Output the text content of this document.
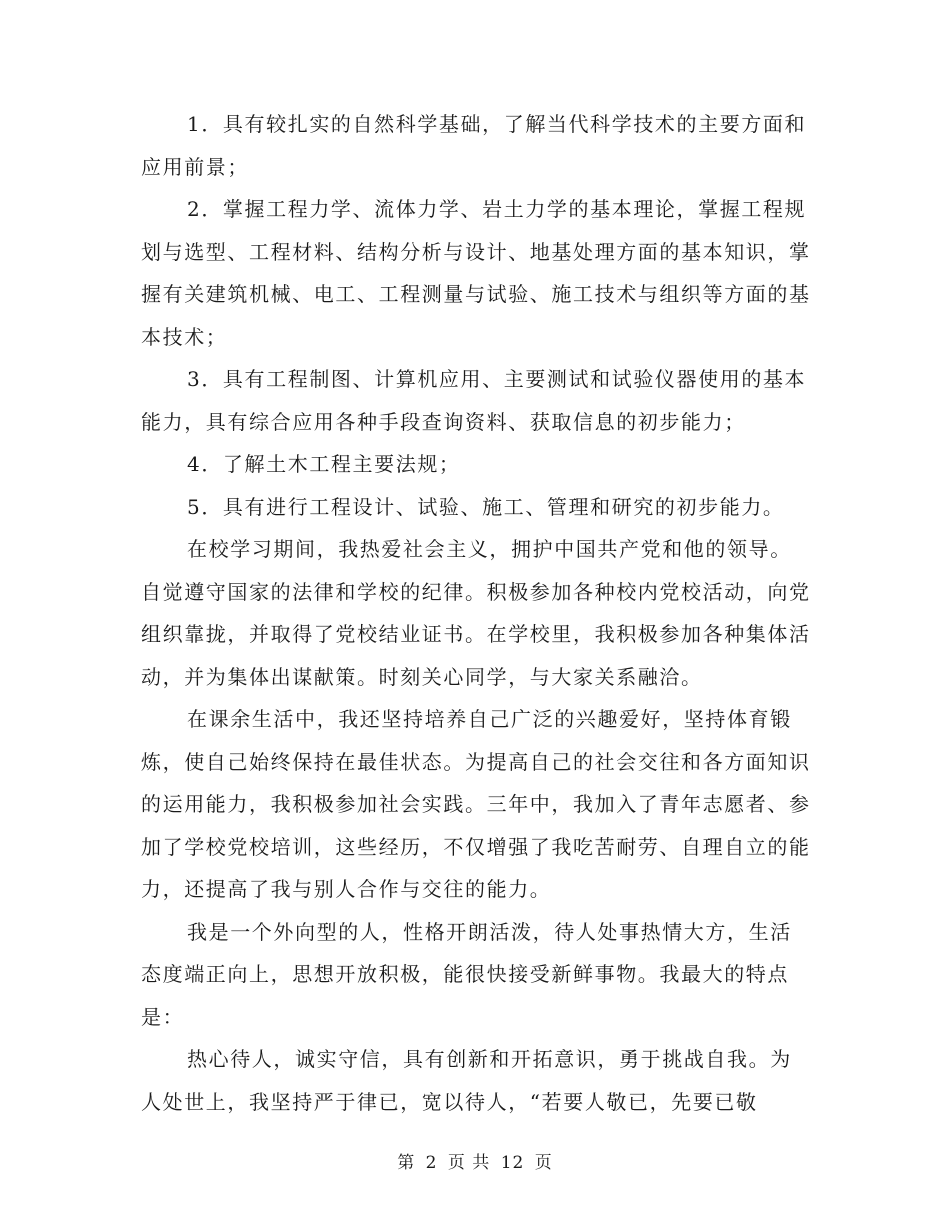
1．具有较扎实的自然科学基础，了解当代科学技术的主要方面和应用前景；

2．掌握工程力学、流体力学、岩土力学的基本理论，掌握工程规划与选型、工程材料、结构分析与设计、地基处理方面的基本知识，掌握有关建筑机械、电工、工程测量与试验、施工技术与组织等方面的基本技术；

3．具有工程制图、计算机应用、主要测试和试验仪器使用的基本能力，具有综合应用各种手段查询资料、获取信息的初步能力；

4．了解土木工程主要法规；

5．具有进行工程设计、试验、施工、管理和研究的初步能力。

在校学习期间，我热爱社会主义，拥护中国共产党和他的领导。自觉遵守国家的法律和学校的纪律。积极参加各种校内党校活动，向党组织靠拢，并取得了党校结业证书。在学校里，我积极参加各种集体活动，并为集体出谋献策。时刻关心同学，与大家关系融洽。

在课余生活中，我还坚持培养自己广泛的兴趣爱好，坚持体育锻炼，使自己始终保持在最佳状态。为提高自己的社会交往和各方面知识的运用能力，我积极参加社会实践。三年中，我加入了青年志愿者、参加了学校党校培训，这些经历，不仅增强了我吃苦耐劳、自理自立的能力，还提高了我与别人合作与交往的能力。

我是一个外向型的人，性格开朗活泼，待人处事热情大方，生活态度端正向上，思想开放积极，能很快接受新鲜事物。我最大的特点是：

热心待人，诚实守信，具有创新和开拓意识，勇于挑战自我。为人处世上，我坚持严于律已，宽以待人，“若要人敬已，先要已敬

第 2 页 共 12 页
